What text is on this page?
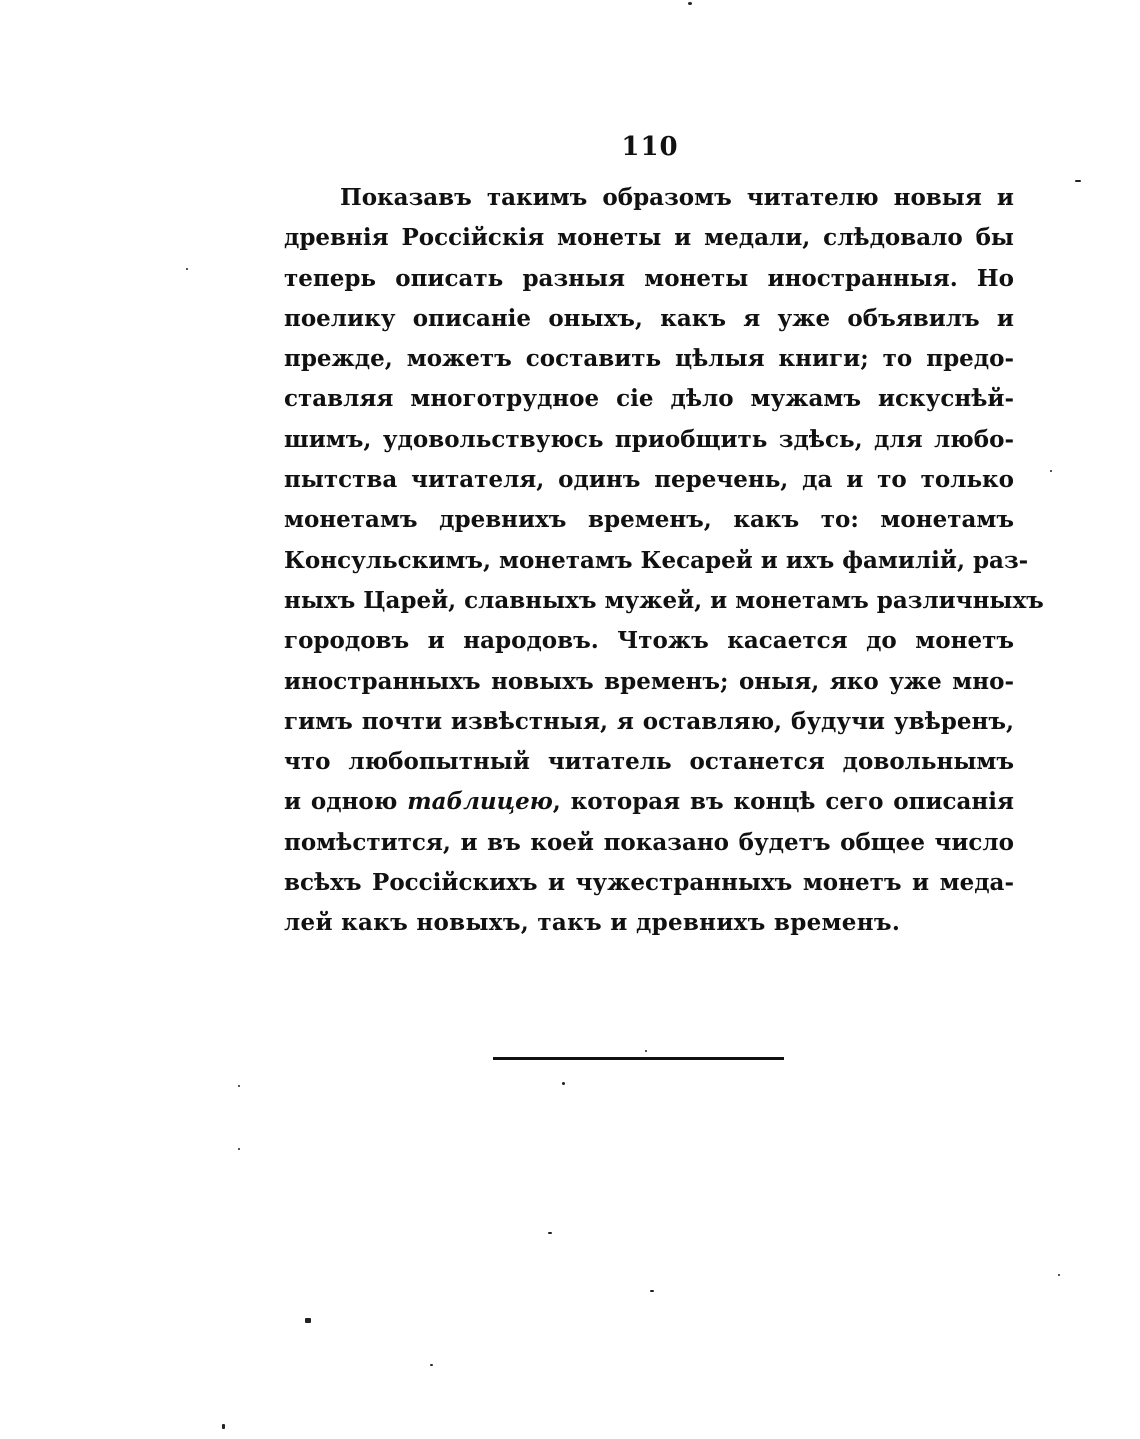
110
Показавъ такимъ образомъ читателю новыя и
древнія Россійскія монеты и медали, слѣдовало бы
теперь описать разныя монеты иностранныя. Но
поелику описаніе оныхъ, какъ я уже объявилъ и
прежде, можетъ составить цѣлыя книги; то предо-
ставляя многотрудное сіе дѣло мужамъ искуснѣй-
шимъ, удовольствуюсь приобщить здѣсь, для любо-
пытства читателя, одинъ перечень, да и то только
монетамъ древнихъ временъ, какъ то: монетамъ
Консульскимъ, монетамъ Кесарей и ихъ фамилій, раз-
ныхъ Царей, славныхъ мужей, и монетамъ различныхъ
городовъ и народовъ. Чтожъ касается до монетъ
иностранныхъ новыхъ временъ; оныя, яко уже мно-
гимъ почти извѣстныя, я оставляю, будучи увѣренъ,
что любопытный читатель останется довольнымъ
и одною таблицею, которая въ концѣ сего описанія
помѣстится, и въ коей показано будетъ общее число
всѣхъ Россійскихъ и чужестранныхъ монетъ и меда-
лей какъ новыхъ, такъ и древнихъ временъ.
